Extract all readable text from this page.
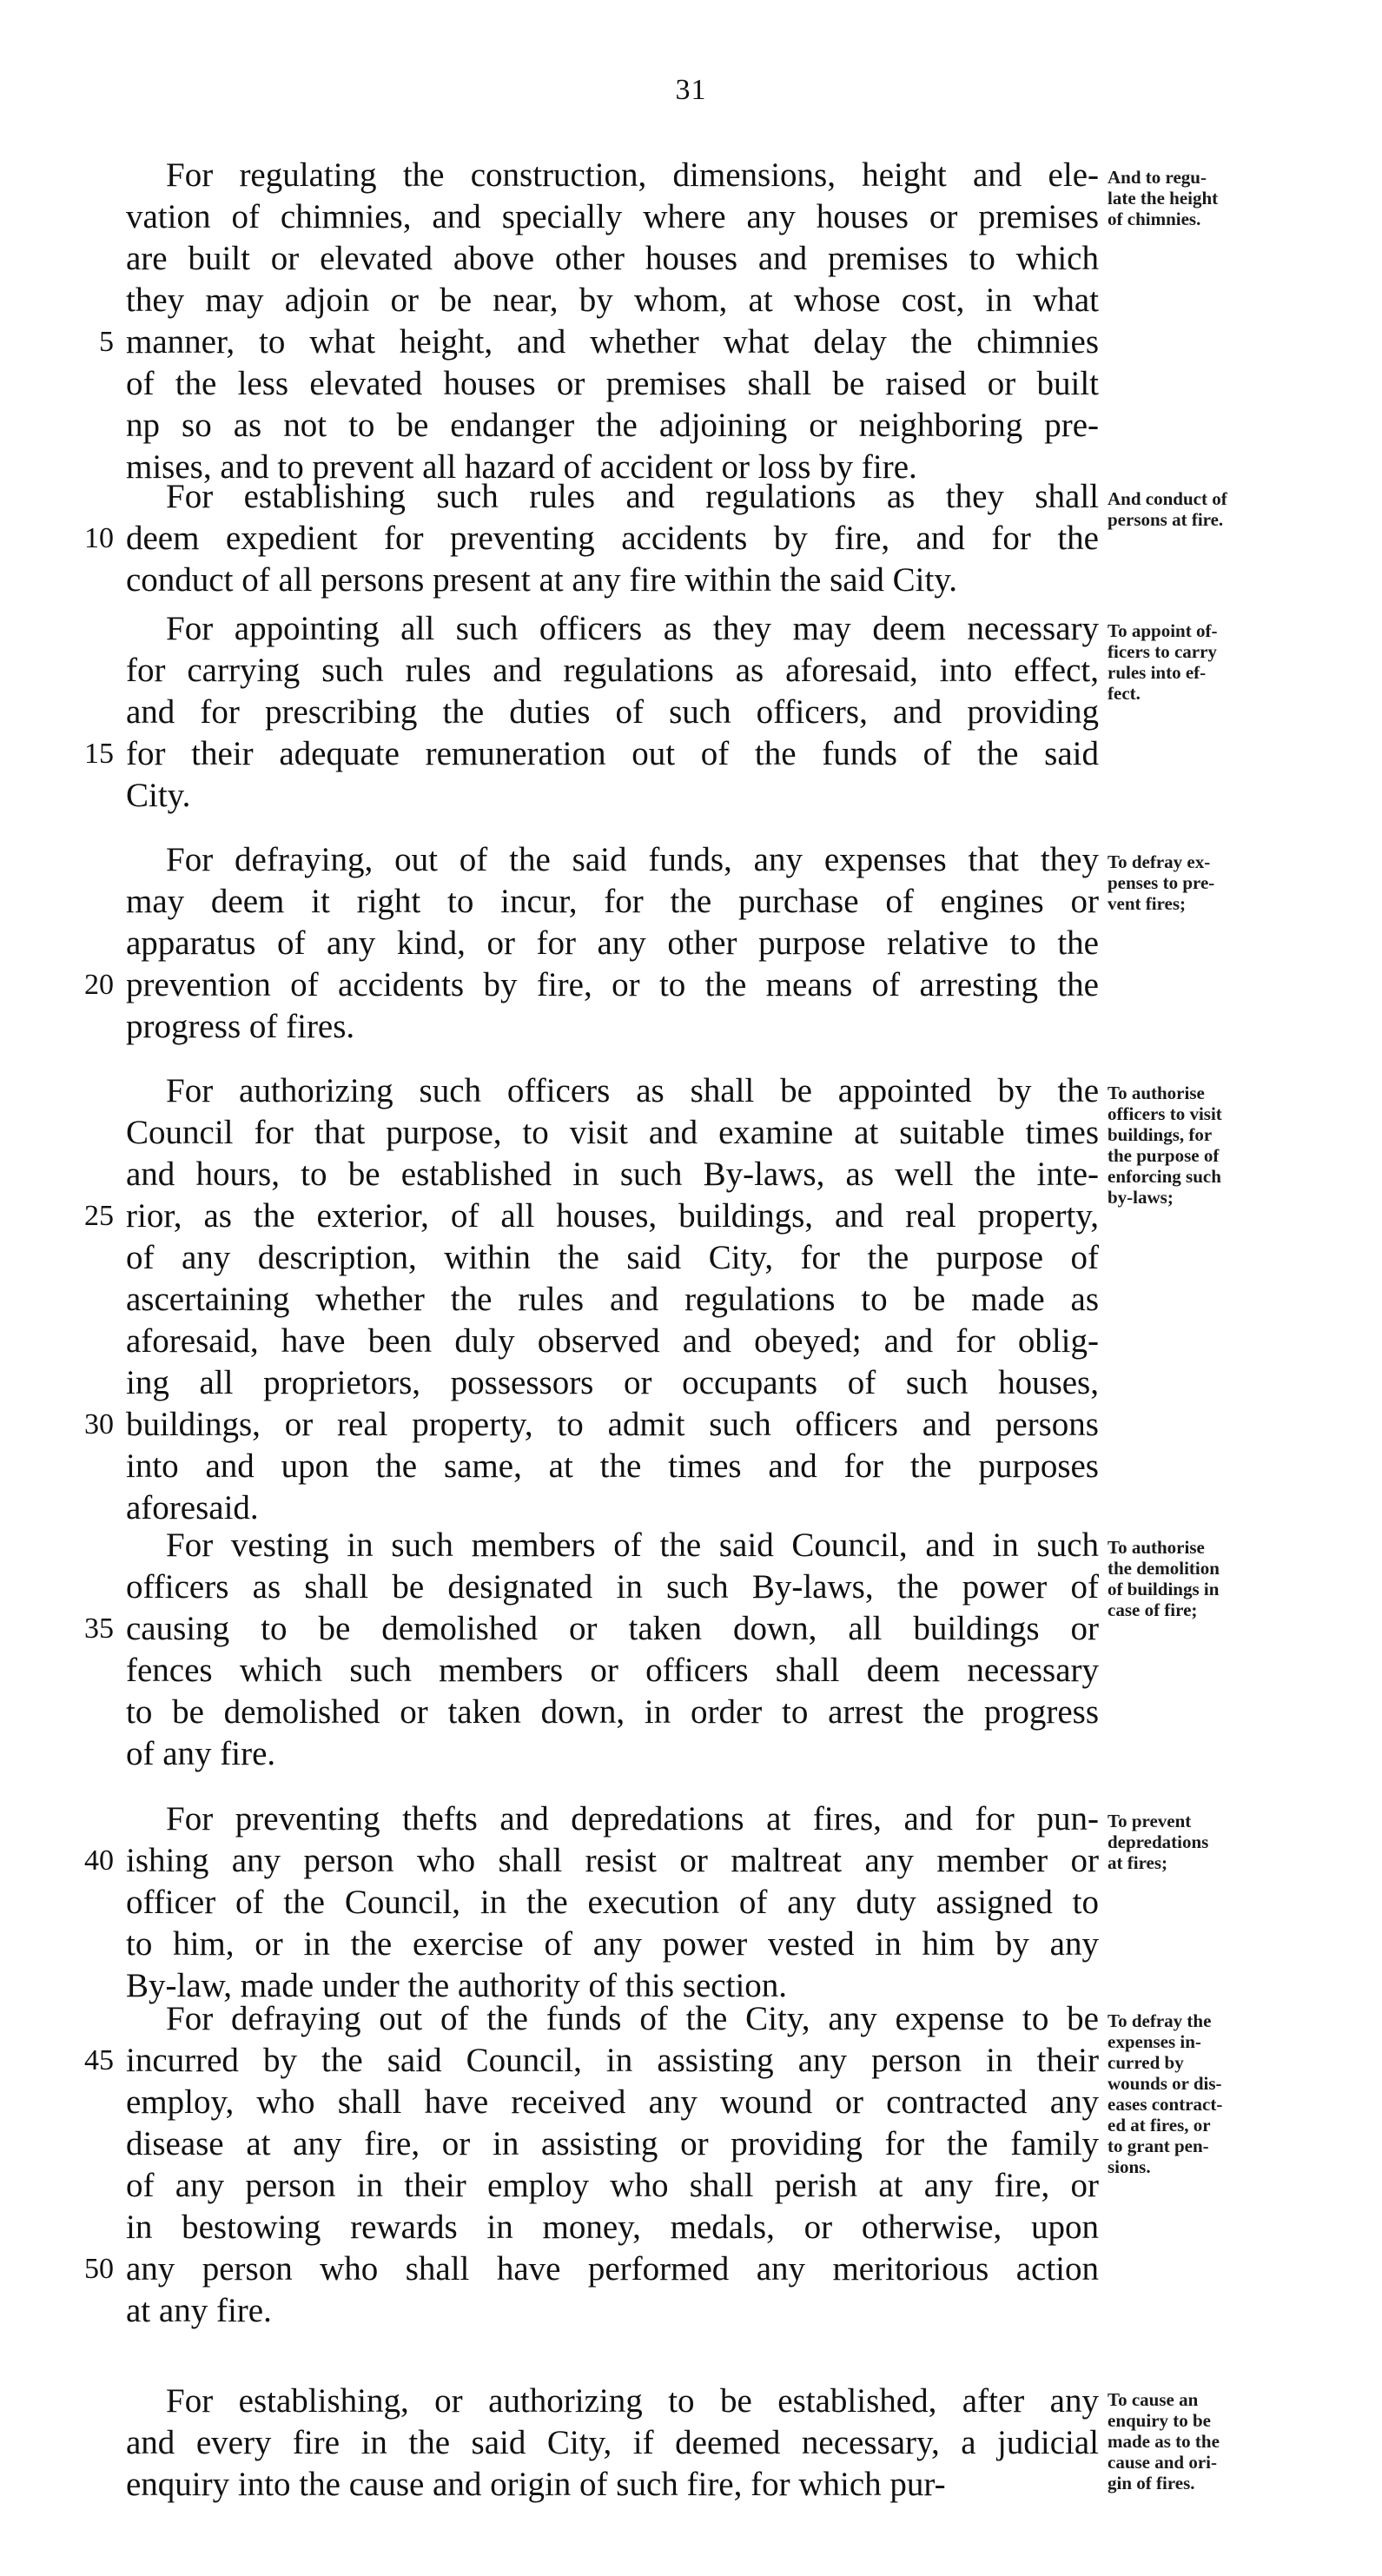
31
For regulating the construction, dimensions, height and ele-
vation of chimnies, and specially where any houses or premises
are built or elevated above other houses and premises to which
they may adjoin or be near, by whom, at whose cost, in what
manner, to what height, and whether what delay the chimnies
5
of the less elevated houses or premises shall be raised or built
np so as not to be endanger the adjoining or neighboring pre-
mises, and to prevent all hazard of accident or loss by fire.
And to regu-
late the height
of chimnies.
For establishing such rules and regulations as they shall
deem expedient for preventing accidents by fire, and for the
10
conduct of all persons present at any fire within the said City.
And conduct of
persons at fire.
For appointing all such officers as they may deem necessary
for carrying such rules and regulations as aforesaid, into effect,
and for prescribing the duties of such officers, and providing
for their adequate remuneration out of the funds of the said
15
City.
To appoint of-
ficers to carry
rules into ef-
fect.
For defraying, out of the said funds, any expenses that they
may deem it right to incur, for the purchase of engines or
apparatus of any kind, or for any other purpose relative to the
prevention of accidents by fire, or to the means of arresting the
20
progress of fires.
To defray ex-
penses to pre-
vent fires;
For authorizing such officers as shall be appointed by the
Council for that purpose, to visit and examine at suitable times
and hours, to be established in such By-laws, as well the inte-
rior, as the exterior, of all houses, buildings, and real property,
25
of any description, within the said City, for the purpose of
ascertaining whether the rules and regulations to be made as
aforesaid, have been duly observed and obeyed; and for oblig-
ing all proprietors, possessors or occupants of such houses,
buildings, or real property, to admit such officers and persons
30
into and upon the same, at the times and for the purposes
aforesaid.
To authorise
officers to visit
buildings, for
the purpose of
enforcing such
by-laws;
For vesting in such members of the said Council, and in such
officers as shall be designated in such By-laws, the power of
causing to be demolished or taken down, all buildings or
35
fences which such members or officers shall deem necessary
to be demolished or taken down, in order to arrest the progress
of any fire.
To authorise
the demolition
of buildings in
case of fire;
For preventing thefts and depredations at fires, and for pun-
ishing any person who shall resist or maltreat any member or
40
officer of the Council, in the execution of any duty assigned to
to him, or in the exercise of any power vested in him by any
By-law, made under the authority of this section.
To prevent
depredations
at fires;
For defraying out of the funds of the City, any expense to be
incurred by the said Council, in assisting any person in their
45
employ, who shall have received any wound or contracted any
disease at any fire, or in assisting or providing for the family
of any person in their employ who shall perish at any fire, or
in bestowing rewards in money, medals, or otherwise, upon
any person who shall have performed any meritorious action
50
at any fire.
To defray the
expenses in-
curred by
wounds or dis-
eases contract-
ed at fires, or
to grant pen-
sions.
For establishing, or authorizing to be established, after any
and every fire in the said City, if deemed necessary, a judicial
enquiry into the cause and origin of such fire, for which pur-
To cause an
enquiry to be
made as to the
cause and ori-
gin of fires.
